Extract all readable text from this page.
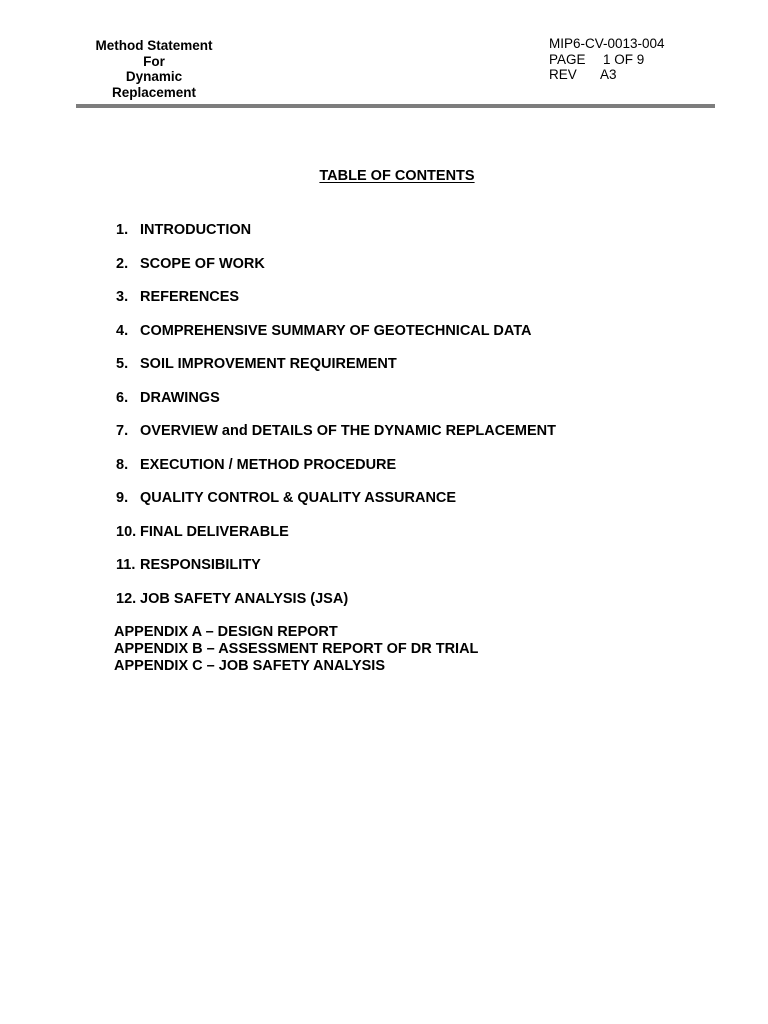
Method Statement
For
Dynamic
Replacement
MIP6-CV-0013-004
PAGE 1 OF 9
REV A3
TABLE OF CONTENTS
1. INTRODUCTION
2. SCOPE OF WORK
3. REFERENCES
4. COMPREHENSIVE SUMMARY OF GEOTECHNICAL DATA
5. SOIL IMPROVEMENT REQUIREMENT
6. DRAWINGS
7. OVERVIEW and DETAILS OF THE DYNAMIC REPLACEMENT
8. EXECUTION / METHOD PROCEDURE
9. QUALITY CONTROL & QUALITY ASSURANCE
10. FINAL DELIVERABLE
11. RESPONSIBILITY
12. JOB SAFETY ANALYSIS (JSA)
APPENDIX A – DESIGN REPORT
APPENDIX B – ASSESSMENT REPORT OF DR TRIAL
APPENDIX C – JOB SAFETY ANALYSIS
